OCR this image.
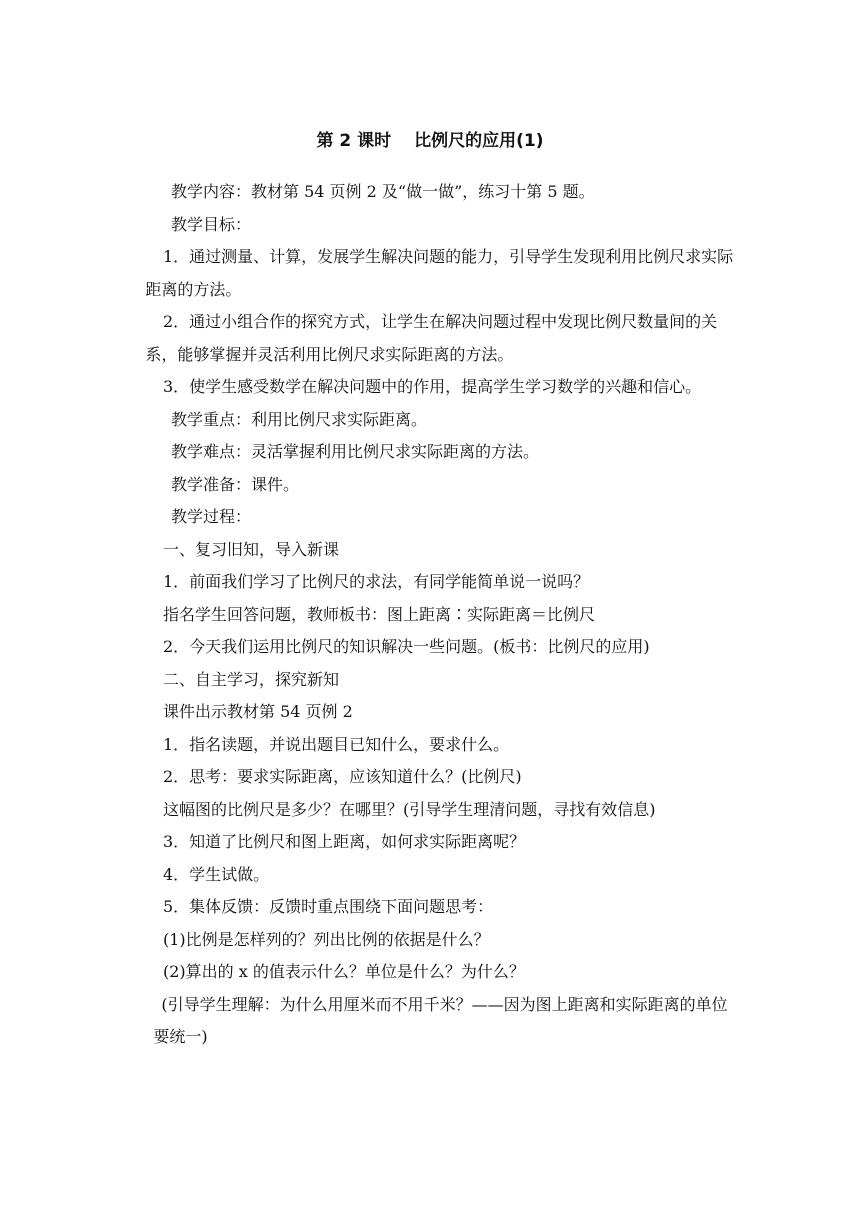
第 2 课时　 比例尺的应用(1)

教学内容：教材第 54 页例 2 及“做一做”，练习十第 5 题。

教学目标：

1．通过测量、计算，发展学生解决问题的能力，引导学生发现利用比例尺求实际距离的方法。

2．通过小组合作的探究方式，让学生在解决问题过程中发现比例尺数量间的关系，能够掌握并灵活利用比例尺求实际距离的方法。

3．使学生感受数学在解决问题中的作用，提高学生学习数学的兴趣和信心。

教学重点：利用比例尺求实际距离。

教学难点：灵活掌握利用比例尺求实际距离的方法。

教学准备：课件。

教学过程：

一、复习旧知，导入新课

1．前面我们学习了比例尺的求法，有同学能简单说一说吗？

指名学生回答问题，教师板书：图上距离∶实际距离＝比例尺

2．今天我们运用比例尺的知识解决一些问题。(板书：比例尺的应用)

二、自主学习，探究新知

课件出示教材第 54 页例 2

1．指名读题，并说出题目已知什么，要求什么。

2．思考：要求实际距离，应该知道什么？(比例尺)

这幅图的比例尺是多少？在哪里？(引导学生理清问题，寻找有效信息)

3．知道了比例尺和图上距离，如何求实际距离呢？

4．学生试做。

5．集体反馈：反馈时重点围绕下面问题思考：

(1)比例是怎样列的？列出比例的依据是什么？

(2)算出的 x 的值表示什么？单位是什么？为什么？

(引导学生理解：为什么用厘米而不用千米？——因为图上距离和实际距离的单位要统一)
